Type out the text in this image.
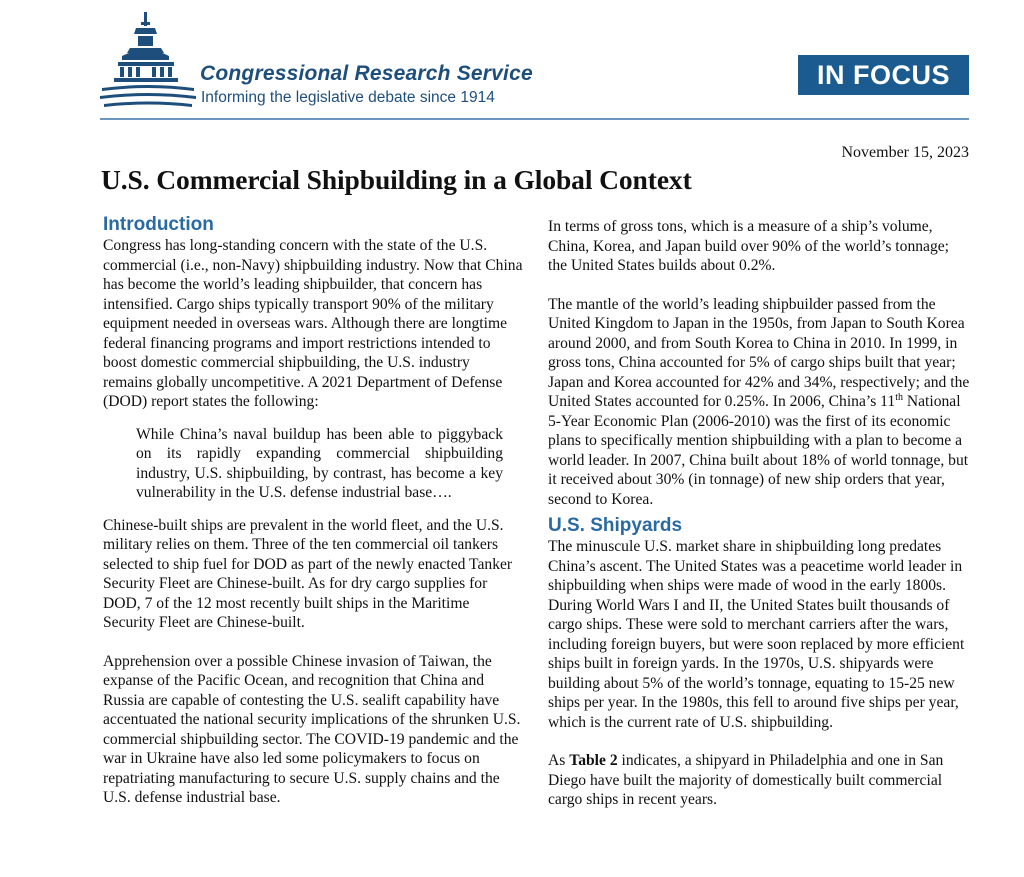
Congressional Research Service
Informing the legislative debate since 1914
IN FOCUS
November 15, 2023
U.S. Commercial Shipbuilding in a Global Context
Introduction

Congress has long-standing concern with the state of the U.S. commercial (i.e., non-Navy) shipbuilding industry. Now that China has become the world’s leading shipbuilder, that concern has intensified. Cargo ships typically transport 90% of the military equipment needed in overseas wars. Although there are longtime federal financing programs and import restrictions intended to boost domestic commercial shipbuilding, the U.S. industry remains globally uncompetitive. A 2021 Department of Defense (DOD) report states the following:

While China’s naval buildup has been able to piggyback on its rapidly expanding commercial shipbuilding industry, U.S. shipbuilding, by contrast, has become a key vulnerability in the U.S. defense industrial base….

Chinese-built ships are prevalent in the world fleet, and the U.S. military relies on them. Three of the ten commercial oil tankers selected to ship fuel for DOD as part of the newly enacted Tanker Security Fleet are Chinese-built. As for dry cargo supplies for DOD, 7 of the 12 most recently built ships in the Maritime Security Fleet are Chinese-built.

Apprehension over a possible Chinese invasion of Taiwan, the expanse of the Pacific Ocean, and recognition that China and Russia are capable of contesting the U.S. sealift capability have accentuated the national security implications of the shrunken U.S. commercial shipbuilding sector. The COVID-19 pandemic and the war in Ukraine have also led some policymakers to focus on repatriating manufacturing to secure U.S. supply chains and the U.S. defense industrial base.

In terms of gross tons, which is a measure of a ship’s volume, China, Korea, and Japan build over 90% of the world’s tonnage; the United States builds about 0.2%.

The mantle of the world’s leading shipbuilder passed from the United Kingdom to Japan in the 1950s, from Japan to South Korea around 2000, and from South Korea to China in 2010. In 1999, in gross tons, China accounted for 5% of cargo ships built that year; Japan and Korea accounted for 42% and 34%, respectively; and the United States accounted for 0.25%. In 2006, China’s 11th National 5-Year Economic Plan (2006-2010) was the first of its economic plans to specifically mention shipbuilding with a plan to become a world leader. In 2007, China built about 18% of world tonnage, but it received about 30% (in tonnage) of new ship orders that year, second to Korea.

U.S. Shipyards

The minuscule U.S. market share in shipbuilding long predates China’s ascent. The United States was a peacetime world leader in shipbuilding when ships were made of wood in the early 1800s. During World Wars I and II, the United States built thousands of cargo ships. These were sold to merchant carriers after the wars, including foreign buyers, but were soon replaced by more efficient ships built in foreign yards. In the 1970s, U.S. shipyards were building about 5% of the world’s tonnage, equating to 15-25 new ships per year. In the 1980s, this fell to around five ships per year, which is the current rate of U.S. shipbuilding.

As Table 2 indicates, a shipyard in Philadelphia and one in San Diego have built the majority of domestically built commercial cargo ships in recent years.
